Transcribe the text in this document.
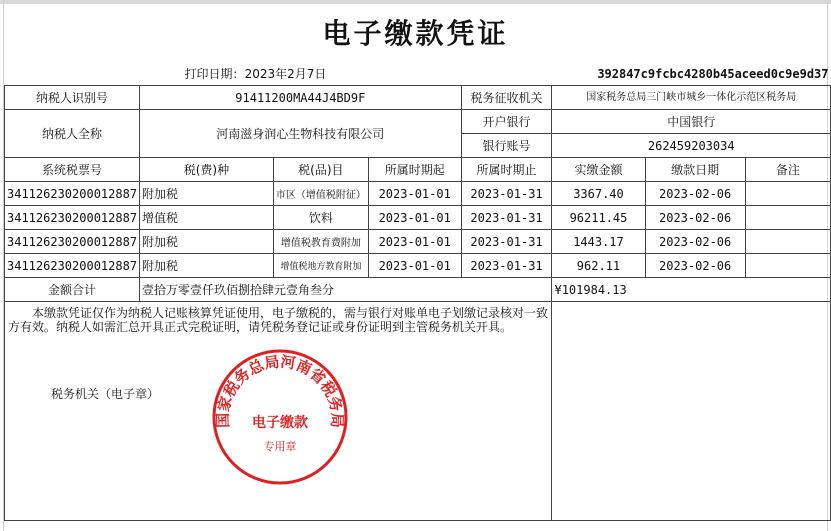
电子缴款凭证
	打印日期：2023年2月7日				392847c9fcbc4280b45aceed0c9e9d37		
纳税人识别号	91411200MA44J4BD9F			税务征收机关	国家税务总局三门峡市城乡一体化示范区税务局		
纳税人全称	河南滋身润心生物科技有限公司			开户银行	中国银行		
				银行账号	262459203034		
系统税票号	税(费)种	税(品)目	所属时期起	所属时期止	实缴金额	缴款日期	备注
341126230200012887	附加税	市区（增值税附征）	2023-01-01	2023-01-31	3367.40	2023-02-06	
341126230200012887	增值税	饮料	2023-01-01	2023-01-31	96211.45	2023-02-06	
341126230200012887	附加税	增值税教育费附加	2023-01-01	2023-01-31	1443.17	2023-02-06	
341126230200012887	附加税	增值税地方教育附加	2023-01-01	2023-01-31	962.11	2023-02-06	
金额合计	壹拾万零壹仟玖佰捌拾肆元壹角叁分				¥101984.13		

本缴款凭证仅作为纳税人记账核算凭证使用，电子缴税的，需与银行对账单电子划缴记录核对一致方有效。纳税人如需汇总开具正式完税证明，请凭税务登记证或身份证明到主管税务机关开具。

税务机关（电子章）
国家税务总局河南省税务局
电子缴款
专用章							
